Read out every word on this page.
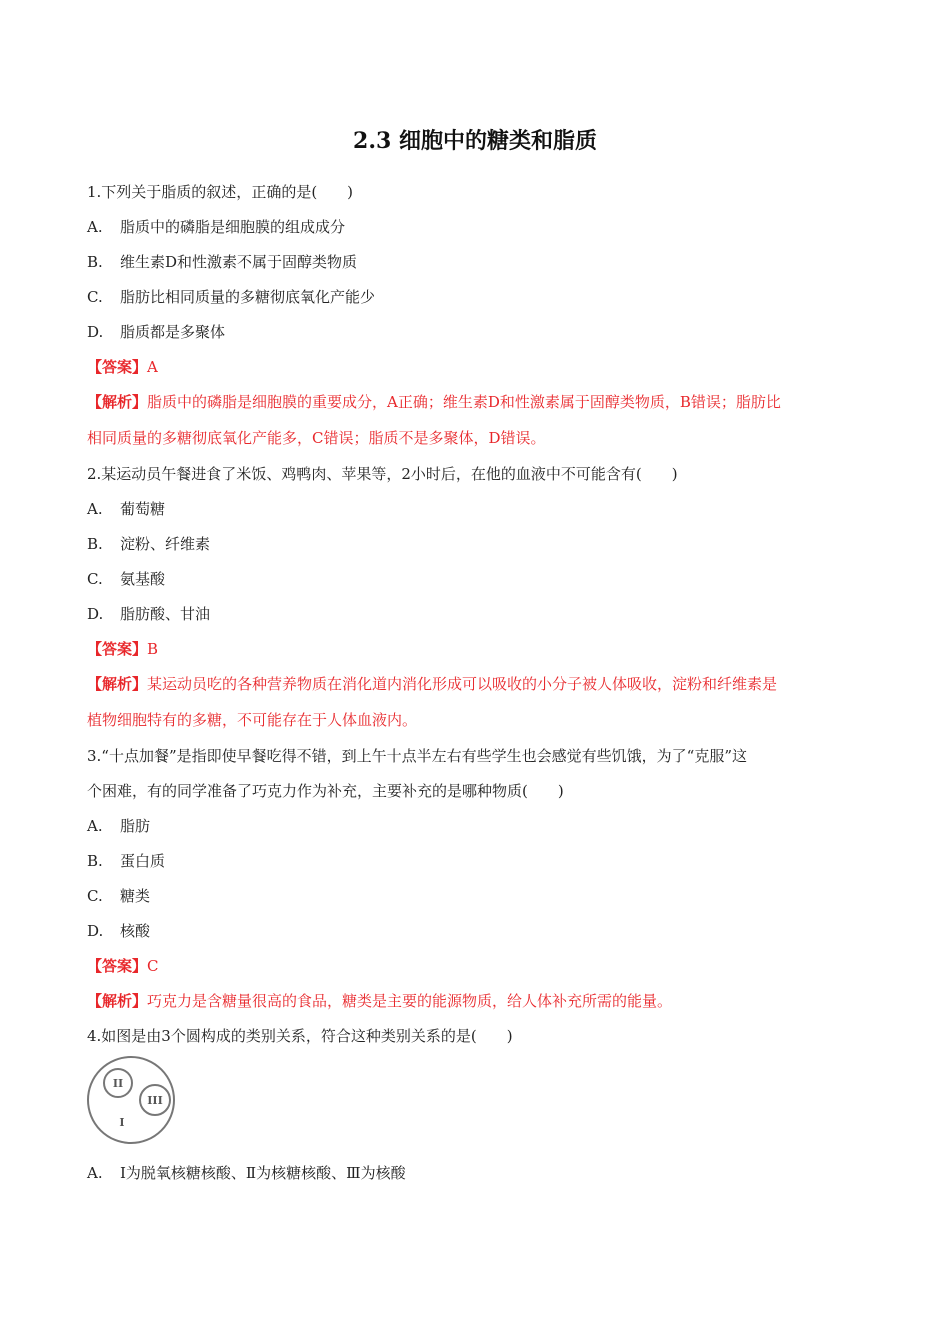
2.3 细胞中的糖类和脂质
1.下列关于脂质的叙述，正确的是(　　)
A. 脂质中的磷脂是细胞膜的组成成分
B. 维生素D和性激素不属于固醇类物质
C. 脂肪比相同质量的多糖彻底氧化产能少
D. 脂质都是多聚体
【答案】A
【解析】脂质中的磷脂是细胞膜的重要成分，A正确；维生素D和性激素属于固醇类物质，B错误；脂肪比
相同质量的多糖彻底氧化产能多，C错误；脂质不是多聚体，D错误。
2.某运动员午餐进食了米饭、鸡鸭肉、苹果等，2小时后，在他的血液中不可能含有(　　)
A. 葡萄糖
B. 淀粉、纤维素
C. 氨基酸
D. 脂肪酸、甘油
【答案】B
【解析】某运动员吃的各种营养物质在消化道内消化形成可以吸收的小分子被人体吸收，淀粉和纤维素是
植物细胞特有的多糖，不可能存在于人体血液内。
3.“十点加餐”是指即使早餐吃得不错，到上午十点半左右有些学生也会感觉有些饥饿，为了“克服”这
个困难，有的同学准备了巧克力作为补充，主要补充的是哪种物质(　　)
A. 脂肪
B. 蛋白质
C. 糖类
D. 核酸
【答案】C
【解析】巧克力是含糖量很高的食品，糖类是主要的能源物质，给人体补充所需的能量。
4.如图是由3个圆构成的类别关系，符合这种类别关系的是(　　)
II
III
I
A. Ⅰ为脱氧核糖核酸、Ⅱ为核糖核酸、Ⅲ为核酸
